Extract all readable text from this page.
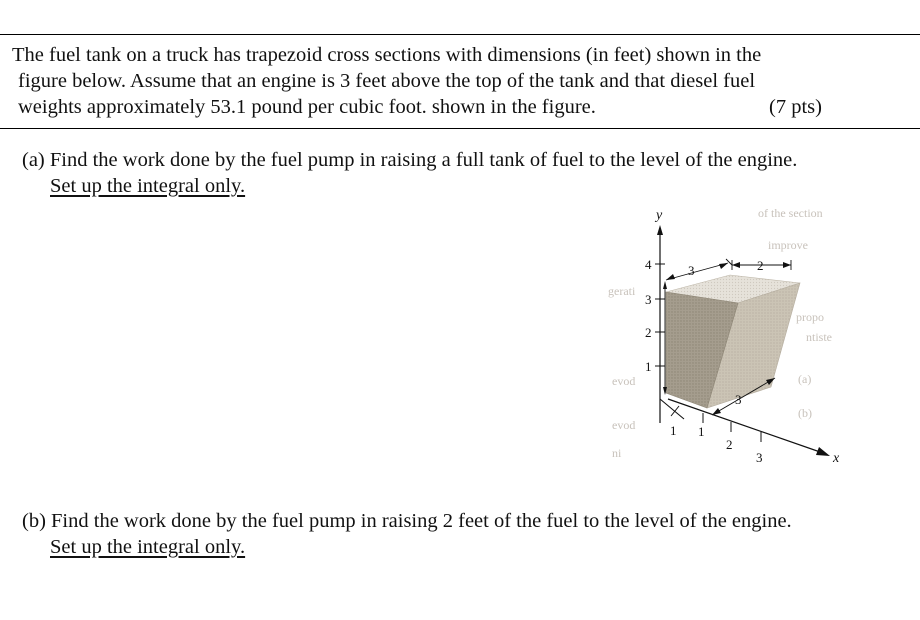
The fuel tank on a truck has trapezoid cross sections with dimensions (in feet) shown in the
figure below. Assume that an engine is 3 feet above the top of the tank and that diesel fuel
weights approximately 53.1 pound per cubic foot. shown in the figure.	(7 pts)
(a) Find the work done by the fuel pump in raising a full tank of fuel to the level of the engine.
Set up the integral only.
of the section
improve
gerati
propo
ntiste
evod	(a)
evod
(b)
ni
y
4
3
2
1
3	2
3
x
1
2
3
1
(b) Find the work done by the fuel pump in raising 2 feet of the fuel to the level of the engine.
Set up the integral only.
